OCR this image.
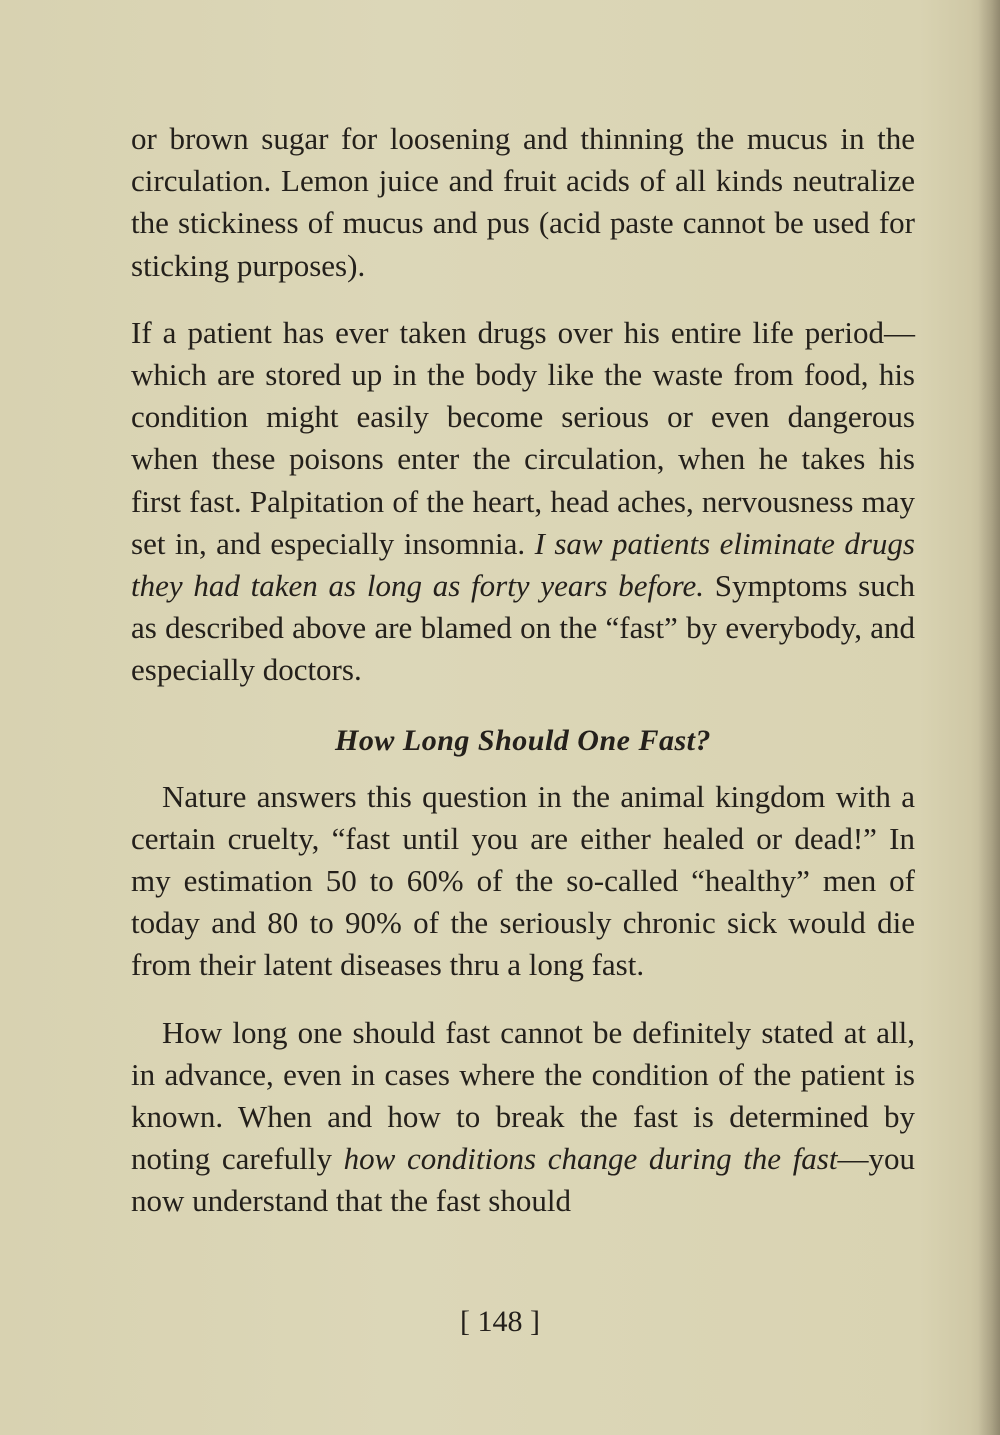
or brown sugar for loosening and thinning the mucus in the circulation. Lemon juice and fruit acids of all kinds neutralize the stickiness of mucus and pus (acid paste cannot be used for sticking purposes).

If a patient has ever taken drugs over his entire life period—which are stored up in the body like the waste from food, his condition might easily become serious or even dangerous when these poisons enter the circulation, when he takes his first fast. Palpitation of the heart, head aches, nervousness may set in, and especially insomnia. I saw patients eliminate drugs they had taken as long as forty years before. Symptoms such as described above are blamed on the “fast” by everybody, and especially doctors.

How Long Should One Fast?

Nature answers this question in the animal kingdom with a certain cruelty, “fast until you are either healed or dead!” In my estimation 50 to 60% of the so-called “healthy” men of today and 80 to 90% of the seriously chronic sick would die from their latent diseases thru a long fast.

How long one should fast cannot be definitely stated at all, in advance, even in cases where the condition of the patient is known. When and how to break the fast is determined by noting carefully how conditions change during the fast—you now understand that the fast should

[ 148 ]
